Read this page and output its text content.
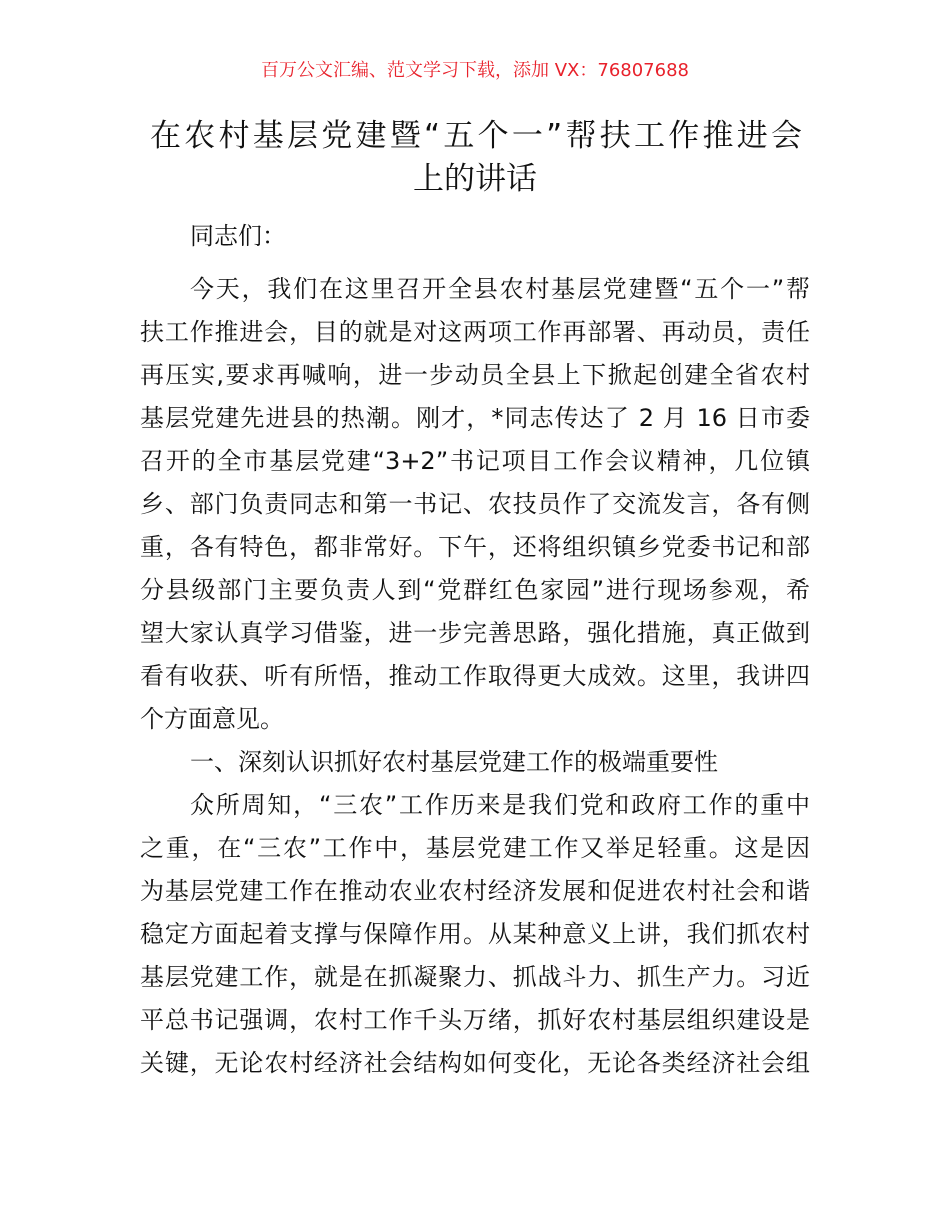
百万公文汇编、范文学习下载，添加 VX：76807688
在农村基层党建暨“五个一”帮扶工作推进会
上的讲话
同志们：
今天，我们在这里召开全县农村基层党建暨“五个一”帮
扶工作推进会，目的就是对这两项工作再部署、再动员，责任
再压实,要求再喊响，进一步动员全县上下掀起创建全省农村
基层党建先进县的热潮。刚才，*同志传达了 2 月 16 日市委
召开的全市基层党建“3+2”书记项目工作会议精神，几位镇
乡、部门负责同志和第一书记、农技员作了交流发言，各有侧
重，各有特色，都非常好。下午，还将组织镇乡党委书记和部
分县级部门主要负责人到“党群红色家园”进行现场参观，希
望大家认真学习借鉴，进一步完善思路，强化措施，真正做到
看有收获、听有所悟，推动工作取得更大成效。这里，我讲四
个方面意见。
一、深刻认识抓好农村基层党建工作的极端重要性
众所周知，“三农”工作历来是我们党和政府工作的重中
之重，在“三农”工作中，基层党建工作又举足轻重。这是因
为基层党建工作在推动农业农村经济发展和促进农村社会和谐
稳定方面起着支撑与保障作用。从某种意义上讲，我们抓农村
基层党建工作，就是在抓凝聚力、抓战斗力、抓生产力。习近
平总书记强调，农村工作千头万绪，抓好农村基层组织建设是
关键，无论农村经济社会结构如何变化，无论各类经济社会组
